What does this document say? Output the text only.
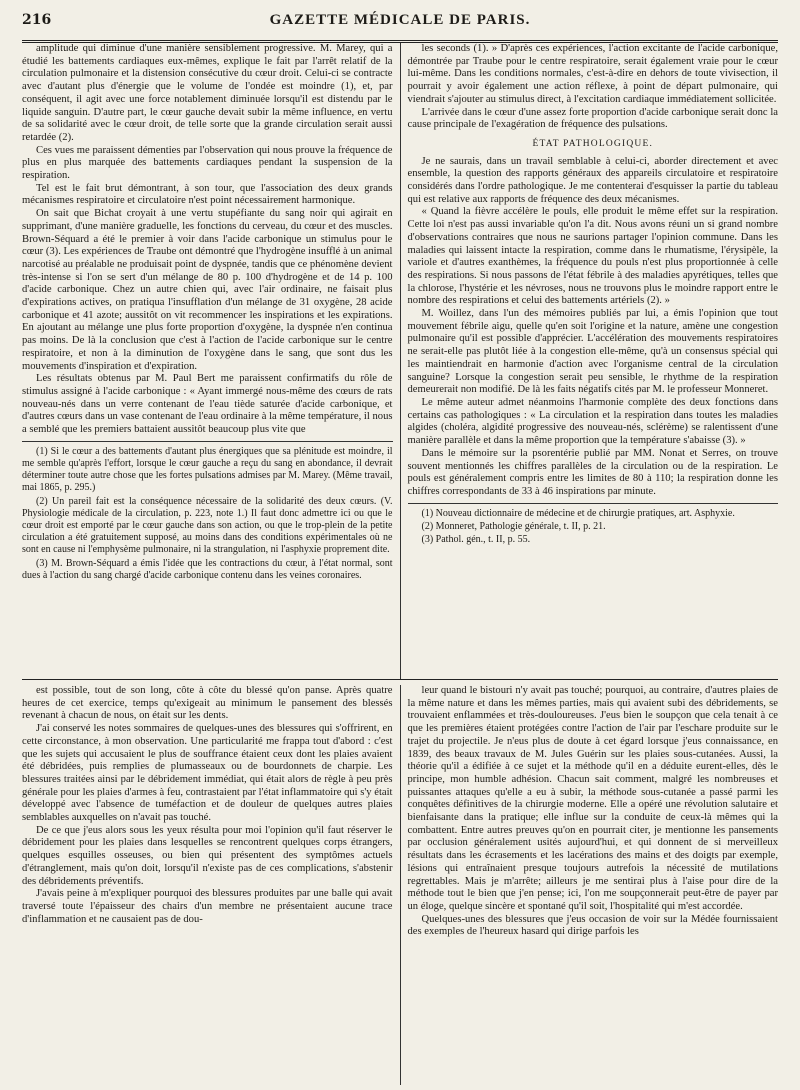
216	GAZETTE MÉDICALE DE PARIS.

amplitude qui diminue d'une manière sensiblement progressive. M. Marey, qui a étudié les battements cardiaques eux-mêmes, explique le fait par l'arrêt relatif de la circulation pulmonaire et la distension consécutive du cœur droit. Celui-ci se contracte avec d'autant plus d'énergie que le volume de l'ondée est moindre (1), et, par conséquent, il agit avec une force notablement diminuée lorsqu'il est distendu par le liquide sanguin. D'autre part, le cœur gauche devait subir la même influence, en vertu de sa solidarité avec le cœur droit, de telle sorte que la grande circulation serait aussi retardée (2).

Ces vues me paraissent démenties par l'observation qui nous prouve la fréquence de plus en plus marquée des battements cardiaques pendant la suspension de la respiration.

Tel est le fait brut démontrant, à son tour, que l'association des deux grands mécanismes respiratoire et circulatoire n'est point nécessairement harmonique.

On sait que Bichat croyait à une vertu stupéfiante du sang noir qui agirait en supprimant, d'une manière graduelle, les fonctions du cerveau, du cœur et des muscles. Brown-Séquard a été le premier à voir dans l'acide carbonique un stimulus pour le cœur (3). Les expériences de Traube ont démontré que l'hydrogène insufflé à un animal narcotisé au préalable ne produisait point de dyspnée, tandis que ce phénomène devient très-intense si l'on se sert d'un mélange de 80 p. 100 d'hydrogène et de 14 p. 100 d'acide carbonique. Chez un autre chien qui, avec l'air ordinaire, ne faisait plus d'expirations actives, on pratiqua l'insufflation d'un mélange de 31 oxygène, 28 acide carbonique et 41 azote; aussitôt on vit recommencer les inspirations et les expirations. En ajoutant au mélange une plus forte proportion d'oxygène, la dyspnée n'en continua pas moins. De là la conclusion que c'est à l'action de l'acide carbonique sur le centre respiratoire, et non à la diminution de l'oxygène dans le sang, que sont dus les mouvements d'inspiration et d'expiration.

Les résultats obtenus par M. Paul Bert me paraissent confirmatifs du rôle de stimulus assigné à l'acide carbonique : « Ayant immergé nous-même des cœurs de rats nouveau-nés dans un verre contenant de l'eau tiède saturée d'acide carbonique, et d'autres cœurs dans un vase contenant de l'eau ordinaire à la même température, il nous a semblé que les premiers battaient aussitôt beaucoup plus vite que

(1) Si le cœur a des battements d'autant plus énergiques que sa plénitude est moindre, il me semble qu'après l'effort, lorsque le cœur gauche a reçu du sang en abondance, il devrait déterminer toute autre chose que les fortes pulsations admises par M. Marey. (Même travail, mai 1865, p. 295.)

(2) Un pareil fait est la conséquence nécessaire de la solidarité des deux cœurs. (V. Physiologie médicale de la circulation, p. 223, note 1.) Il faut donc admettre ici ou que le cœur droit est emporté par le cœur gauche dans son action, ou que le trop-plein de la petite circulation a été gratuitement supposé, au moins dans des conditions expérimentales où ne sont en cause ni l'emphysème pulmonaire, ni la strangulation, ni l'asphyxie proprement dite.

(3) M. Brown-Séquard a émis l'idée que les contractions du cœur, à l'état normal, sont dues à l'action du sang chargé d'acide carbonique contenu dans les veines coronaires.

les seconds (1). » D'après ces expériences, l'action excitante de l'acide carbonique, démontrée par Traube pour le centre respiratoire, serait également vraie pour le cœur lui-même. Dans les conditions normales, c'est-à-dire en dehors de toute vivisection, il pourrait y avoir également une action réflexe, à point de départ pulmonaire, qui viendrait s'ajouter au stimulus direct, à l'excitation cardiaque immédiatement sollicitée.

L'arrivée dans le cœur d'une assez forte proportion d'acide carbonique serait donc la cause principale de l'exagération de fréquence des pulsations.

ÉTAT PATHOLOGIQUE.

Je ne saurais, dans un travail semblable à celui-ci, aborder directement et avec ensemble, la question des rapports généraux des appareils circulatoire et respiratoire considérés dans l'ordre pathologique. Je me contenterai d'esquisser la partie du tableau qui est relative aux rapports de fréquence des deux mécanismes.

« Quand la fièvre accélère le pouls, elle produit le même effet sur la respiration. Cette loi n'est pas aussi invariable qu'on l'a dit. Nous avons réuni un si grand nombre d'observations contraires que nous ne saurions partager l'opinion commune. Dans les maladies qui laissent intacte la respiration, comme dans le rhumatisme, l'érysipèle, la variole et d'autres exanthèmes, la fréquence du pouls n'est plus proportionnée à celle des respirations. Si nous passons de l'état fébrile à des maladies apyrétiques, telles que la chlorose, l'hystérie et les névroses, nous ne trouvons plus le moindre rapport entre le nombre des respirations et celui des battements artériels (2). »

M. Woillez, dans l'un des mémoires publiés par lui, a émis l'opinion que tout mouvement fébrile aigu, quelle qu'en soit l'origine et la nature, amène une congestion pulmonaire qu'il est possible d'apprécier. L'accélération des mouvements respiratoires ne serait-elle pas plutôt liée à la congestion elle-même, qu'à un consensus spécial qui les maintiendrait en harmonie d'action avec l'organisme central de la circulation sanguine? Lorsque la congestion serait peu sensible, le rhythme de la respiration demeurerait non modifié. De là les faits négatifs cités par M. le professeur Monneret.

Le même auteur admet néanmoins l'harmonie complète des deux fonctions dans certains cas pathologiques : « La circulation et la respiration dans toutes les maladies algides (choléra, algidité progressive des nouveau-nés, sclérème) se ralentissent d'une manière parallèle et dans la même proportion que la température s'abaisse (3). »

Dans le mémoire sur la psorentérie publié par MM. Nonat et Serres, on trouve souvent mentionnés les chiffres parallèles de la circulation ou de la respiration. Le pouls est généralement compris entre les limites de 80 à 110; la respiration donne les chiffres correspondants de 33 à 46 inspirations par minute.

(1) Nouveau dictionnaire de médecine et de chirurgie pratiques, art. Asphyxie.

(2) Monneret, Pathologie générale, t. II, p. 21.

(3) Pathol. gén., t. II, p. 55.

est possible, tout de son long, côte à côte du blessé qu'on panse. Après quatre heures de cet exercice, temps qu'exigeait au minimum le pansement des blessés revenant à chacun de nous, on était sur les dents.

J'ai conservé les notes sommaires de quelques-unes des blessures qui s'offrirent, en cette circonstance, à mon observation. Une particularité me frappa tout d'abord : c'est que les sujets qui accusaient le plus de souffrance étaient ceux dont les plaies avaient été débridées, puis remplies de plumasseaux ou de bourdonnets de charpie. Les blessures traitées ainsi par le débridement immédiat, qui était alors de règle à peu près générale pour les plaies d'armes à feu, contrastaient par l'état inflammatoire qui s'y était développé avec l'absence de tuméfaction et de douleur de quelques autres plaies semblables auxquelles on n'avait pas touché.

De ce que j'eus alors sous les yeux résulta pour moi l'opinion qu'il faut réserver le débridement pour les plaies dans lesquelles se rencontrent quelques corps étrangers, quelques esquilles osseuses, ou bien qui présentent des symptômes actuels d'étranglement, mais qu'on doit, lorsqu'il n'existe pas de ces complications, s'abstenir des débridements préventifs.

J'avais peine à m'expliquer pourquoi des blessures produites par une balle qui avait traversé toute l'épaisseur des chairs d'un membre ne présentaient aucune trace d'inflammation et ne causaient pas de dou-

leur quand le bistouri n'y avait pas touché; pourquoi, au contraire, d'autres plaies de la même nature et dans les mêmes parties, mais qui avaient subi des débridements, se trouvaient enflammées et très-douloureuses. J'eus bien le soupçon que cela tenait à ce que les premières étaient protégées contre l'action de l'air par l'eschare produite sur le trajet du projectile. Je n'eus plus de doute à cet égard lorsque j'eus connaissance, en 1839, des beaux travaux de M. Jules Guérin sur les plaies sous-cutanées. Aussi, la théorie qu'il a édifiée à ce sujet et la méthode qu'il en a déduite eurent-elles, dès le principe, mon humble adhésion. Chacun sait comment, malgré les nombreuses et puissantes attaques qu'elle a eu à subir, la méthode sous-cutanée a passé parmi les conquêtes définitives de la chirurgie moderne. Elle a opéré une révolution salutaire et bienfaisante dans la pratique; elle influe sur la conduite de ceux-là mêmes qui la combattent. Entre autres preuves qu'on en pourrait citer, je mentionne les pansements par occlusion généralement usités aujourd'hui, et qui donnent de si merveilleux résultats dans les écrasements et les lacérations des mains et des doigts par exemple, lésions qui entraînaient presque toujours autrefois la nécessité de mutilations regrettables. Mais je m'arrête; ailleurs je me sentirai plus à l'aise pour dire de la méthode tout le bien que j'en pense; ici, l'on me soupçonnerait peut-être de payer par un éloge, quelque sincère et spontané qu'il soit, l'hospitalité qui m'est accordée.

Quelques-unes des blessures que j'eus occasion de voir sur la Médée fournissaient des exemples de l'heureux hasard qui dirige parfois les
